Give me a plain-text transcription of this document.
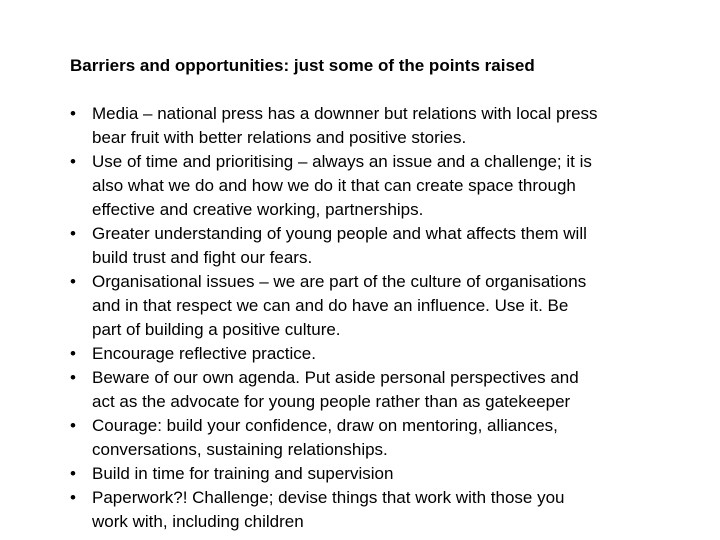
Barriers and opportunities: just some of the points raised
• Media – national press has a downner but relations with local press
bear fruit with better relations and positive stories.
• Use of time and prioritising – always an issue and a challenge; it is
also what we do and how we do it that can create space through
effective and creative working, partnerships.
• Greater understanding of young people and what affects them will
build trust and fight our fears.
• Organisational issues – we are part of the culture of organisations
and in that respect we can and do have an influence. Use it. Be
part of building a positive culture.
• Encourage reflective practice.
• Beware of our own agenda. Put aside personal perspectives and
act as the advocate for young people rather than as gatekeeper
• Courage: build your confidence, draw on mentoring, alliances,
conversations, sustaining relationships.
• Build in time for training and supervision
• Paperwork?! Challenge; devise things that work with those you
work with, including children
